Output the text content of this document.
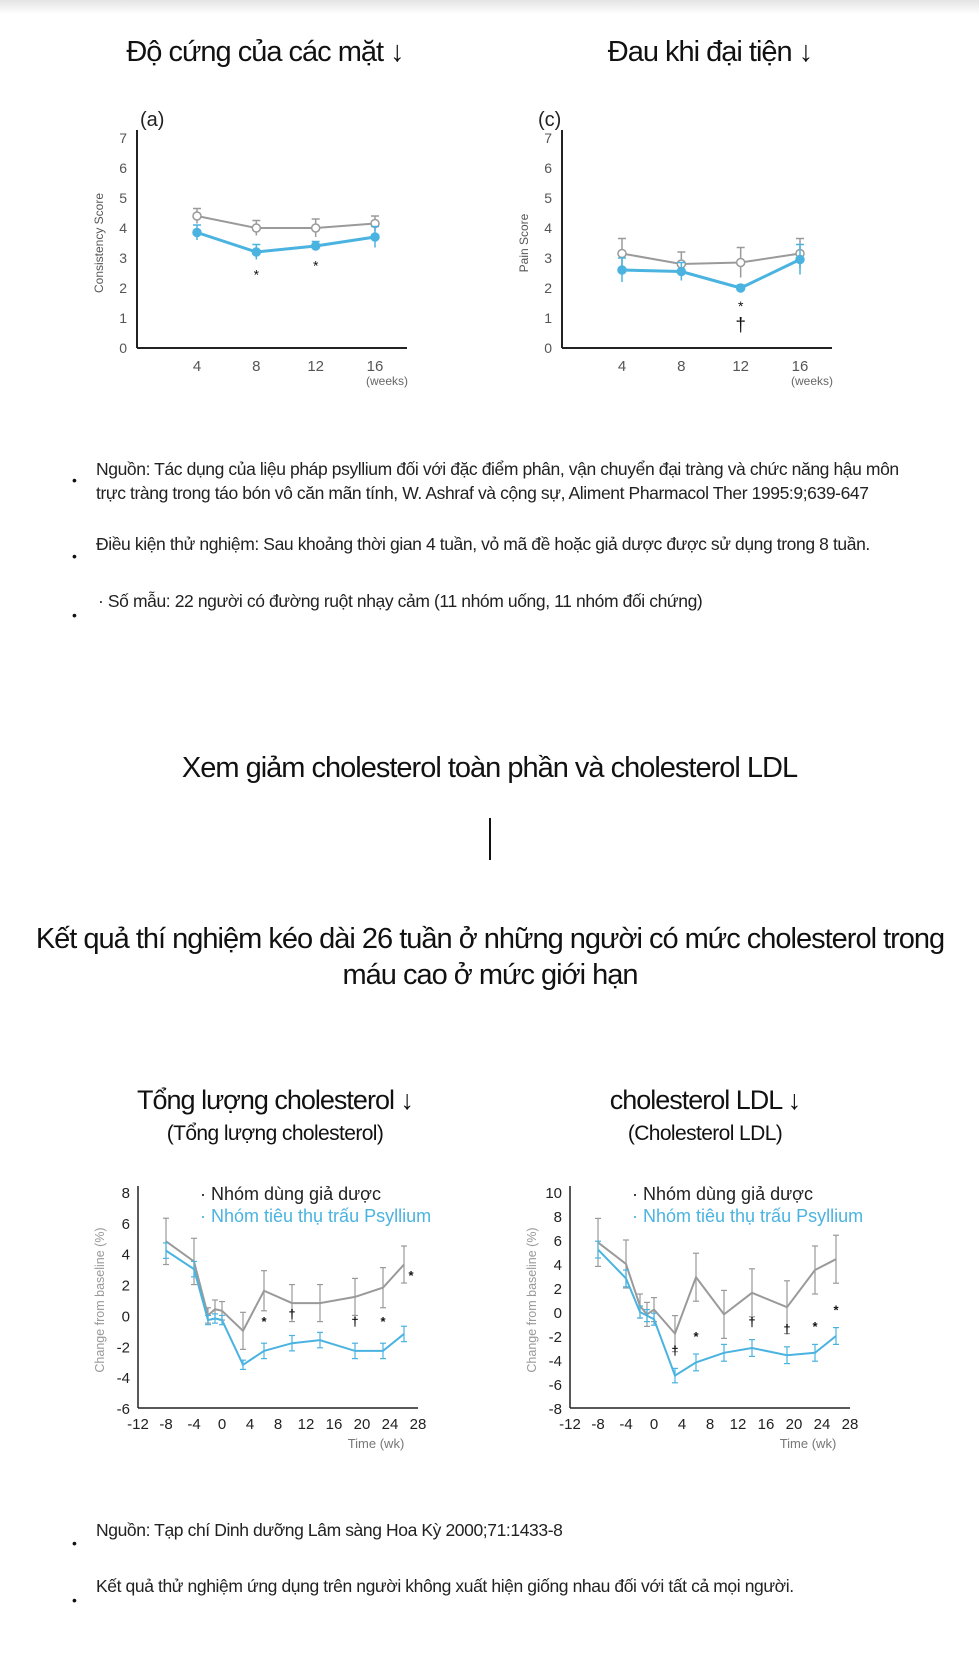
Độ cứng của các mặt ↓	Đau khi đại tiện ↓
(a)
0
1
2
3
4
5
6
7
4	8	12	16
(weeks)
Consistency Score	*
*
(c)
0
1
2
3
4
5
6
7
4	8	12	16
(weeks)
Pain Score
*
†
Nguồn: Tác dụng của liệu pháp psyllium đối với đặc điểm phân, vận chuyển đại tràng và chức năng hậu môn trực tràng trong táo bón vô căn mãn tính, W. Ashraf và cộng sự, Aliment Pharmacol Ther 1995:9;639-647
•
Điều kiện thử nghiệm: Sau khoảng thời gian 4 tuần, vỏ mã đề hoặc giả dược được sử dụng trong 8 tuần.
•
· Số mẫu: 22 người có đường ruột nhạy cảm (11 nhóm uống, 11 nhóm đối chứng)
•
Xem giảm cholesterol toàn phần và cholesterol LDL
Kết quả thí nghiệm kéo dài 26 tuần ở những người có mức cholesterol trong máu cao ở mức giới hạn
Tổng lượng cholesterol ↓
(Tổng lượng cholesterol)
cholesterol LDL ↓
(Cholesterol LDL)
-6
-4
-2
0
2
4
6
8
-12 -8 -4 0 4 8 12 16 20 24 28
Time (wk)
Change from baseline (%)
· Nhóm dùng giả dược
· Nhóm tiêu thụ trấu Psyllium
*
†
† *
*
-8
-6
-4
-2
0
2
4
6
8
10
-12 -8 -4 0 4 8 12 16 20 24 28
Time (wk)
Change from baseline (%)
· Nhóm dùng giả dược
· Nhóm tiêu thụ trấu Psyllium
†
*
† † *
*
Nguồn: Tạp chí Dinh dưỡng Lâm sàng Hoa Kỳ 2000;71:1433-8
•
Kết quả thử nghiệm ứng dụng trên người không xuất hiện giống nhau đối với tất cả mọi người.
•
